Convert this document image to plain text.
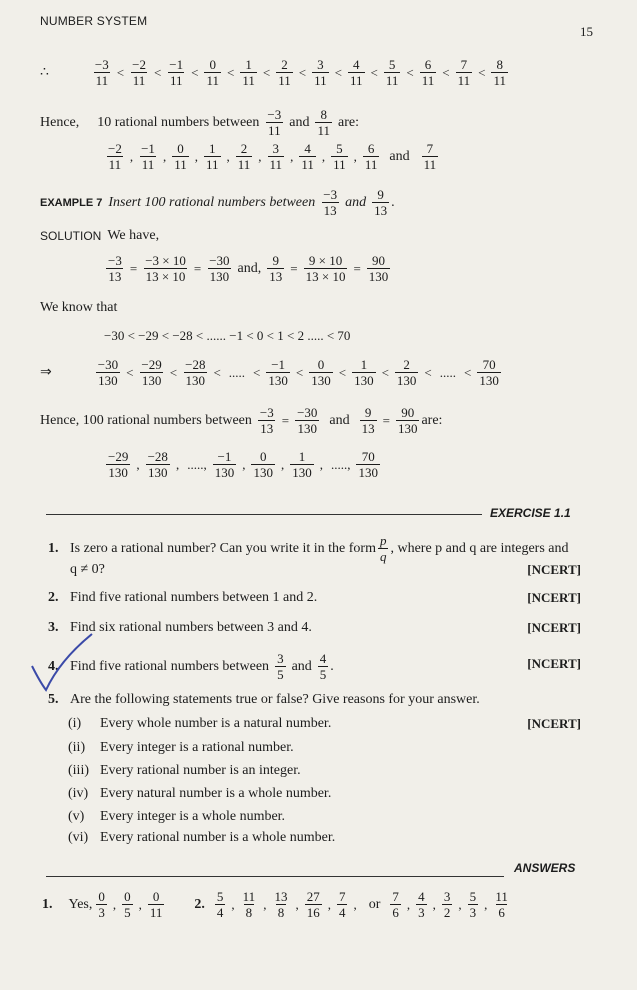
NUMBER SYSTEM
15
∴	$\frac{-3}{11} < \frac{-2}{11} < \frac{-1}{11} < \frac{0}{11} < \frac{1}{11} < \frac{2}{11} < \frac{3}{11} < \frac{4}{11} < \frac{5}{11} < \frac{6}{11} < \frac{7}{11} < \frac{8}{11}$
Hence, 10 rational numbers between $\frac{-3}{11}$ and $\frac{8}{11}$ are:
$\frac{-2}{11}$ , $\frac{-1}{11}$ , $\frac{0}{11}$ , $\frac{1}{11}$ , $\frac{2}{11}$ , $\frac{3}{11}$ , $\frac{4}{11}$ , $\frac{5}{11}$ , $\frac{6}{11}$ and $\frac{7}{11}$
EXAMPLE 7 Insert 100 rational numbers between $\frac{-3}{13}$ and $\frac{9}{13}$ .
SOLUTION We have,
$\frac{-3}{13} = \frac{-3 \times 10}{13 \times 10} = \frac{-30}{130}$ and, $\frac{9}{13} = \frac{9 \times 10}{13 \times 10} = \frac{90}{130}$
We know that
−30 < −29 < −28 < ...... −1 < 0 < 1 < 2 ..... < 70
⇒	$\frac{-30}{130} < \frac{-29}{130} < \frac{-28}{130}$ < ..... < $\frac{-1}{130} < \frac{0}{130} < \frac{1}{130} < \frac{2}{130}$ < ..... < $\frac{70}{130}$
Hence, 100 rational numbers between $\frac{-3}{13} = \frac{-30}{130}$ and $\frac{9}{13} = \frac{90}{130}$ are:
$\frac{-29}{130}$ , $\frac{-28}{130}$ , ....., $\frac{-1}{130}$ , $\frac{0}{130}$ , $\frac{1}{130}$ , ....., $\frac{70}{130}$
EXERCISE 1.1
1. Is zero a rational number? Can you write it in the form $\frac{p}{q}$ , where p and q are integers and
q ≠ 0?	[NCERT]
2. Find five rational numbers between 1 and 2.	[NCERT]
3. Find six rational numbers between 3 and 4.	[NCERT]
4. Find five rational numbers between $\frac{3}{5}$ and $\frac{4}{5}$ .	[NCERT]
5. Are the following statements true or false? Give reasons for your answer.
(i) Every whole number is a natural number.	[NCERT]
(ii) Every integer is a rational number.
(iii) Every rational number is an integer.
(iv) Every natural number is a whole number.
(v) Every integer is a whole number.
(vi) Every rational number is a whole number.
ANSWERS
1. Yes, $\frac{0}{3}$ , $\frac{0}{5}$ , $\frac{0}{11} 2$. $\frac{5}{4}$ , $\frac{11}{8}$ , $\frac{13}{8}$ , $\frac{27}{16}$ , $\frac{7}{4}$ , or $\frac{7}{6}$ , $\frac{4}{3}$ , $\frac{3}{2}$ , $\frac{5}{3}$ , $\frac{11}{6}$
